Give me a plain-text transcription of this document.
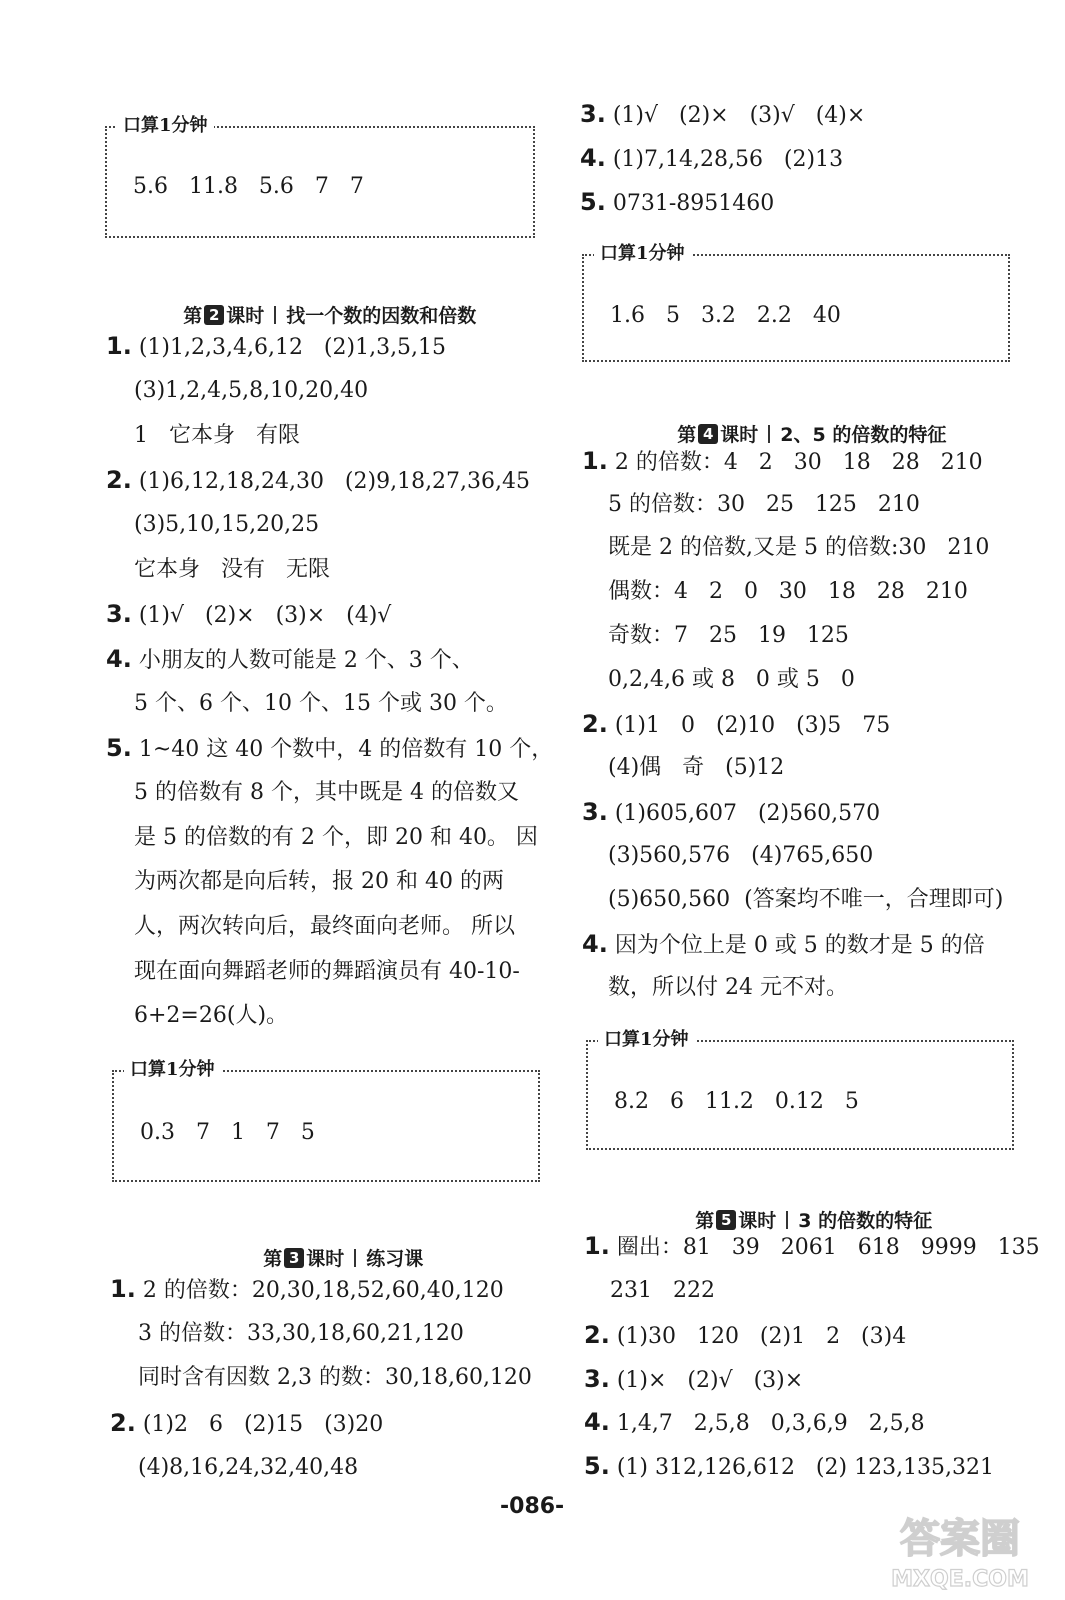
口算1分钟
5.6   11.8   5.6   7   7

第 2 课时 找一个数的因数和倍数

1. (1)1,2,3,4,6,12   (2)1,3,5,15
(3)1,2,4,5,8,10,20,40
1   它本身   有限
2. (1)6,12,18,24,30   (2)9,18,27,36,45
(3)5,10,15,20,25
它本身   没有   无限
3. (1)√   (2)×   (3)×   (4)√
4. 小朋友的人数可能是 2 个、3 个、
5 个、6 个、10 个、15 个或 30 个。
5. 1~40 这 40 个数中，4 的倍数有 10 个，
5 的倍数有 8 个，其中既是 4 的倍数又
是 5 的倍数的有 2 个，即 20 和 40。 因
为两次都是向后转，报 20 和 40 的两
人，两次转向后，最终面向老师。 所以
现在面向舞蹈老师的舞蹈演员有 40-10-
6+2=26(人)。
口算1分钟
0.3   7   1   7   5

第 3 课时 练习课

1. 2 的倍数：20,30,18,52,60,40,120
3 的倍数：33,30,18,60,21,120
同时含有因数 2,3 的数：30,18,60,120
2. (1)2   6   (2)15   (3)20
(4)8,16,24,32,40,48
3. (1)√   (2)×   (3)√   (4)×
4. (1)7,14,28,56   (2)13
5. 0731-8951460
口算1分钟
1.6   5   3.2   2.2   40

第 4 课时 2、5 的倍数的特征

1. 2 的倍数：4   2   30   18   28   210
5 的倍数：30   25   125   210
既是 2 的倍数,又是 5 的倍数:30   210
偶数：4   2   0   30   18   28   210
奇数：7   25   19   125
0,2,4,6 或 8   0 或 5   0
2. (1)1   0   (2)10   (3)5   75
(4)偶   奇   (5)12
3. (1)605,607   (2)560,570
(3)560,576   (4)765,650
(5)650,560  (答案均不唯一，合理即可)
4. 因为个位上是 0 或 5 的数才是 5 的倍
数，所以付 24 元不对。
口算1分钟
8.2   6   11.2   0.12   5

第 5 课时 3 的倍数的特征

1. 圈出：81   39   2061   618   9999   135
231   222
2. (1)30   120   (2)1   2   (3)4
3. (1)×   (2)√   (3)×
4. 1,4,7   2,5,8   0,3,6,9   2,5,8
5. (1) 312,126,612   (2) 123,135,321
-086-
答案圈
MXQE.COM
